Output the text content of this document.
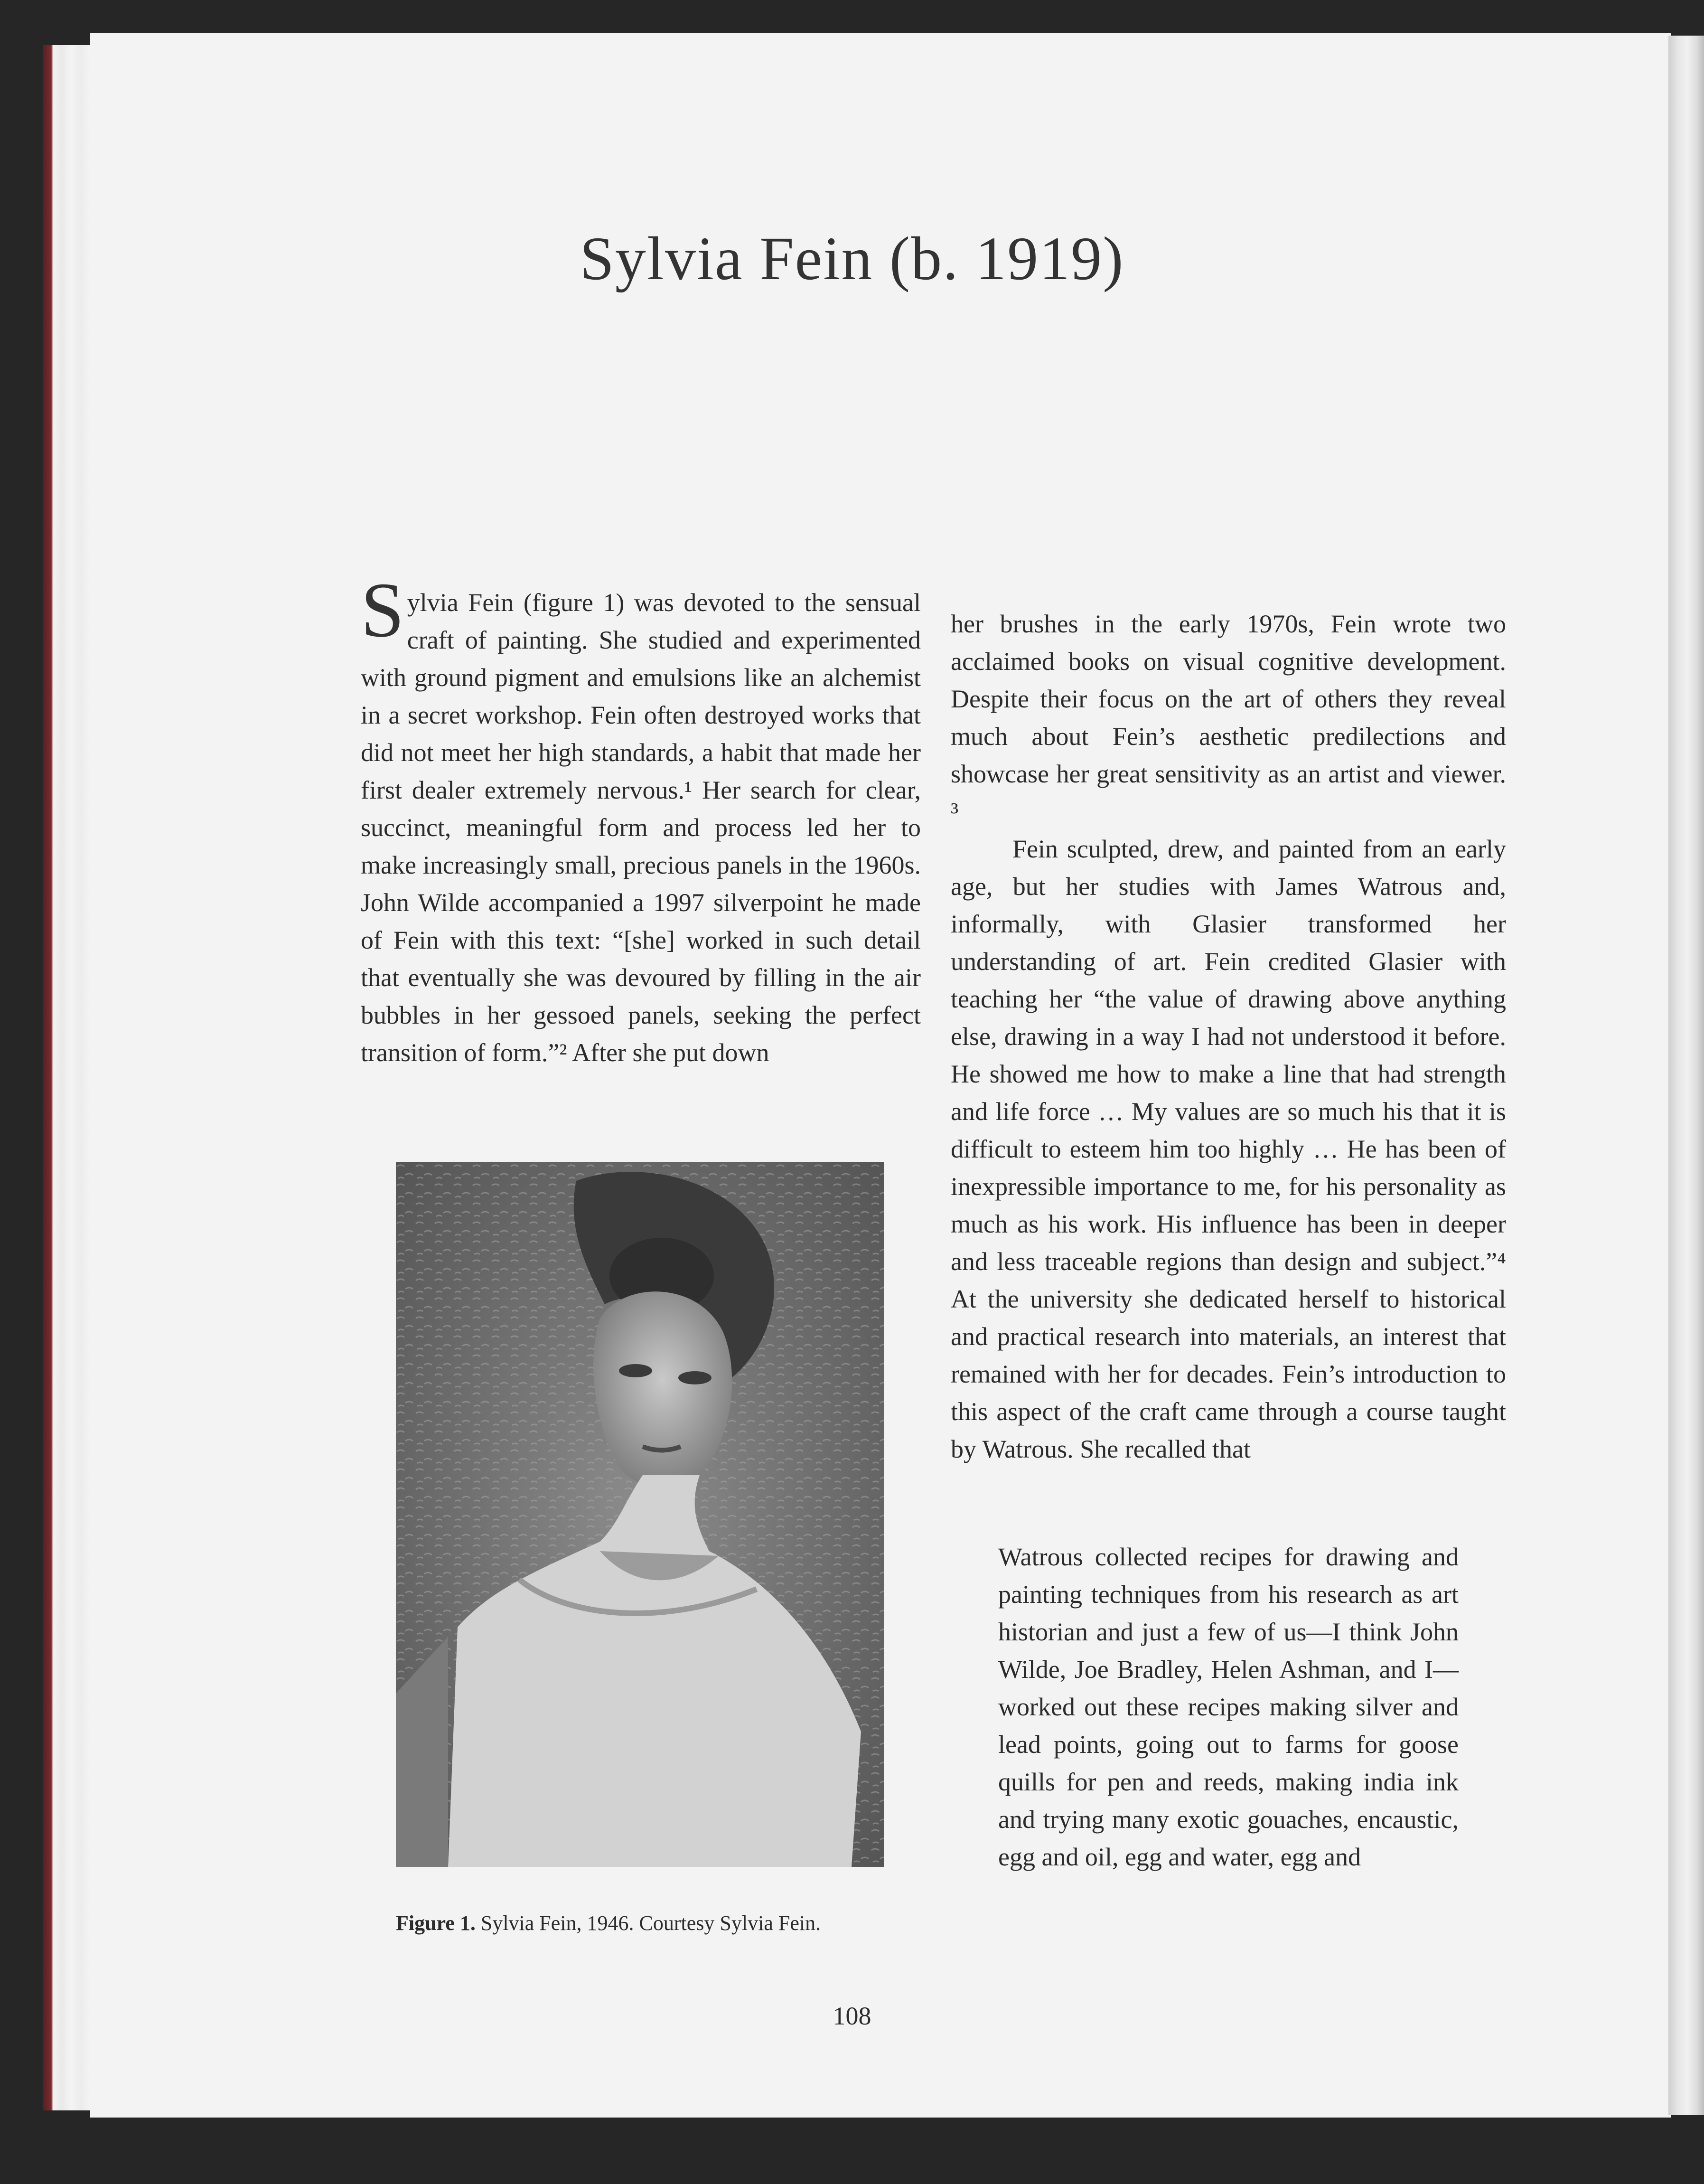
Sylvia Fein (b. 1919)

Sylvia Fein (figure 1) was devoted to the sensual craft of painting. She studied and experimented with ground pigment and emulsions like an alchemist in a secret workshop. Fein often destroyed works that did not meet her high standards, a habit that made her first dealer extremely nervous.¹ Her search for clear, succinct, meaningful form and process led her to make increasingly small, precious panels in the 1960s. John Wilde accompanied a 1997 silverpoint he made of Fein with this text: “[she] worked in such detail that eventually she was devoured by filling in the air bubbles in her gessoed panels, seeking the perfect transition of form.”² After she put down

Figure 1. Sylvia Fein, 1946. Courtesy Sylvia Fein.

her brushes in the early 1970s, Fein wrote two acclaimed books on visual cognitive development. Despite their focus on the art of others they reveal much about Fein’s aesthetic predilections and showcase her great sensitivity as an artist and viewer. ³

Fein sculpted, drew, and painted from an early age, but her studies with James Watrous and, informally, with Glasier transformed her understanding of art. Fein credited Glasier with teaching her “the value of drawing above anything else, drawing in a way I had not understood it before. He showed me how to make a line that had strength and life force … My values are so much his that it is difficult to esteem him too highly … He has been of inexpressible importance to me, for his personality as much as his work. His influence has been in deeper and less traceable regions than design and subject.”⁴ At the university she dedicated herself to historical and practical research into materials, an interest that remained with her for decades. Fein’s introduction to this aspect of the craft came through a course taught by Watrous. She recalled that

Watrous collected recipes for drawing and painting techniques from his research as art historian and just a few of us—I think John Wilde, Joe Bradley, Helen Ashman, and I—worked out these recipes making silver and lead points, going out to farms for goose quills for pen and reeds, making india ink and trying many exotic gouaches, encaustic, egg and oil, egg and water, egg and

108
